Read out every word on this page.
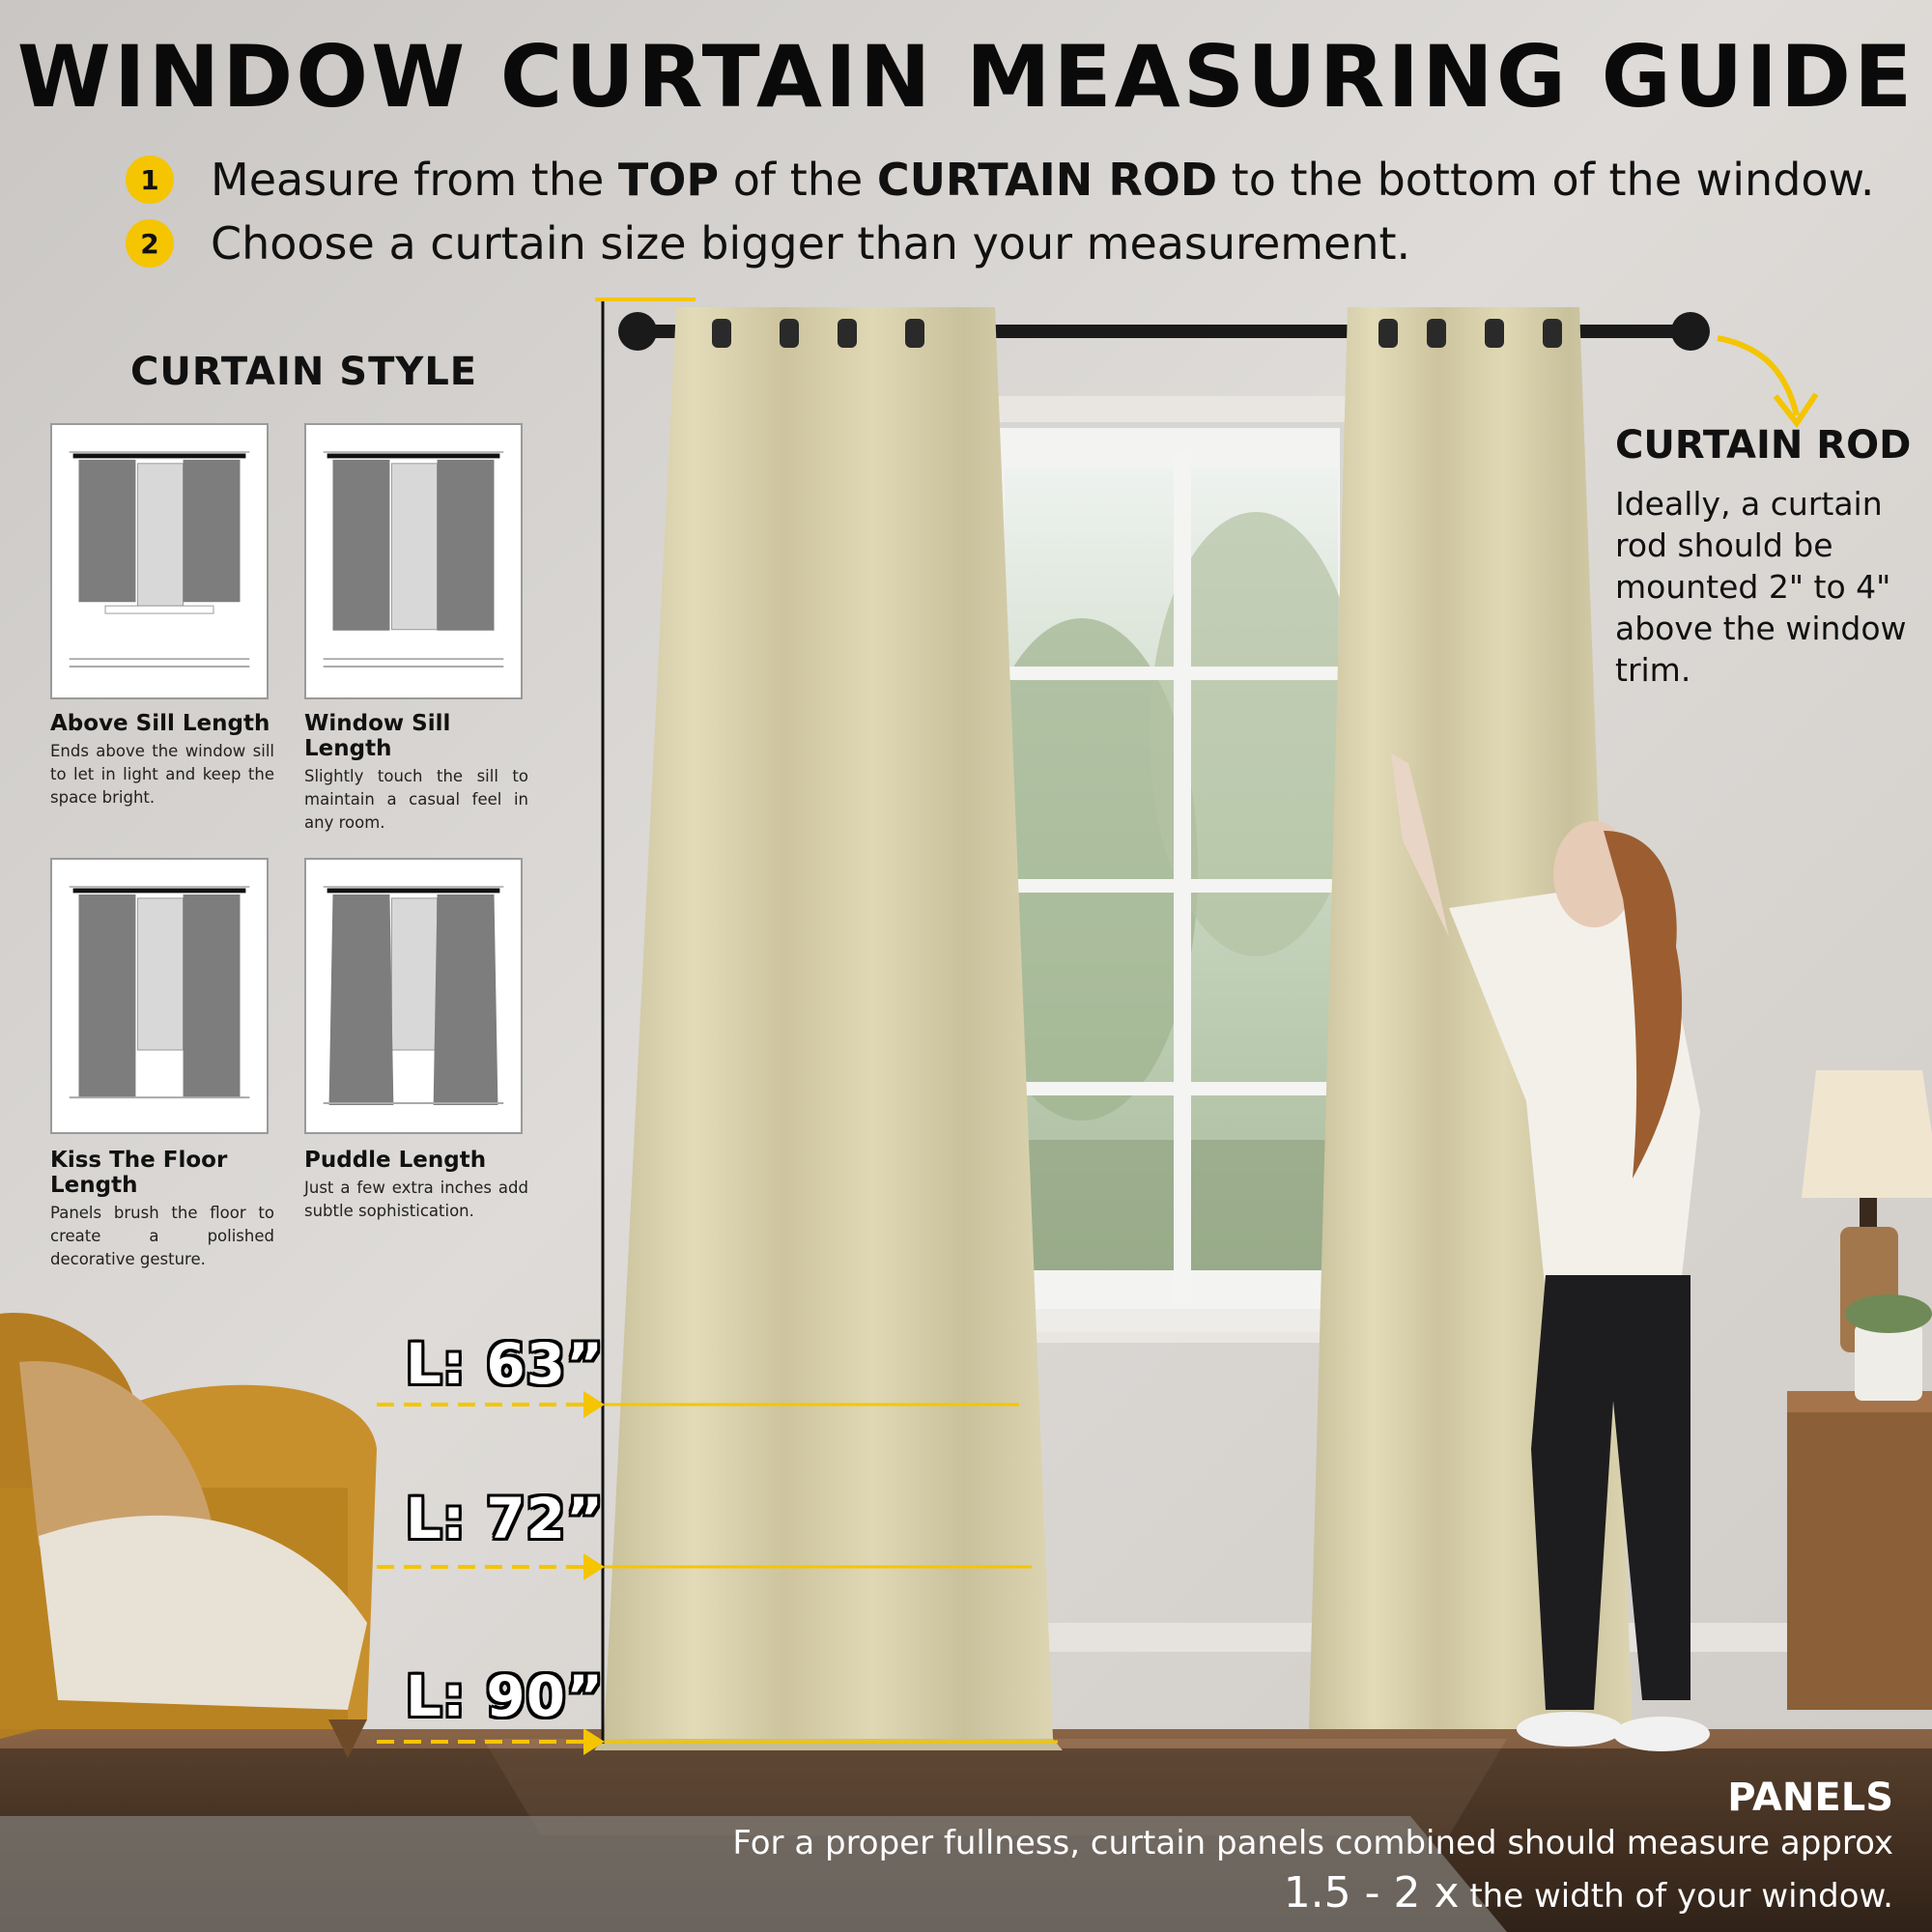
WINDOW CURTAIN MEASURING GUIDE
1	Measure from the TOP of the CURTAIN ROD to the bottom of the window.
2	Choose a curtain size bigger than your measurement.
CURTAIN STYLE
Above Sill Length
Ends above the window sill to let in light and keep the space bright.
Window Sill Length
Slightly touch the sill to maintain a casual feel in any room.
Kiss The Floor Length
Panels brush the floor to create a polished decorative gesture.
Puddle Length
Just a few extra inches add subtle sophistication.
CURTAIN ROD
Ideally, a curtain rod should be mounted 2" to 4" above the window trim.
L: 63”
L: 72”
L: 90”
PANELS
For a proper fullness, curtain panels combined should measure approx
1.5 - 2 x the width of your window.
